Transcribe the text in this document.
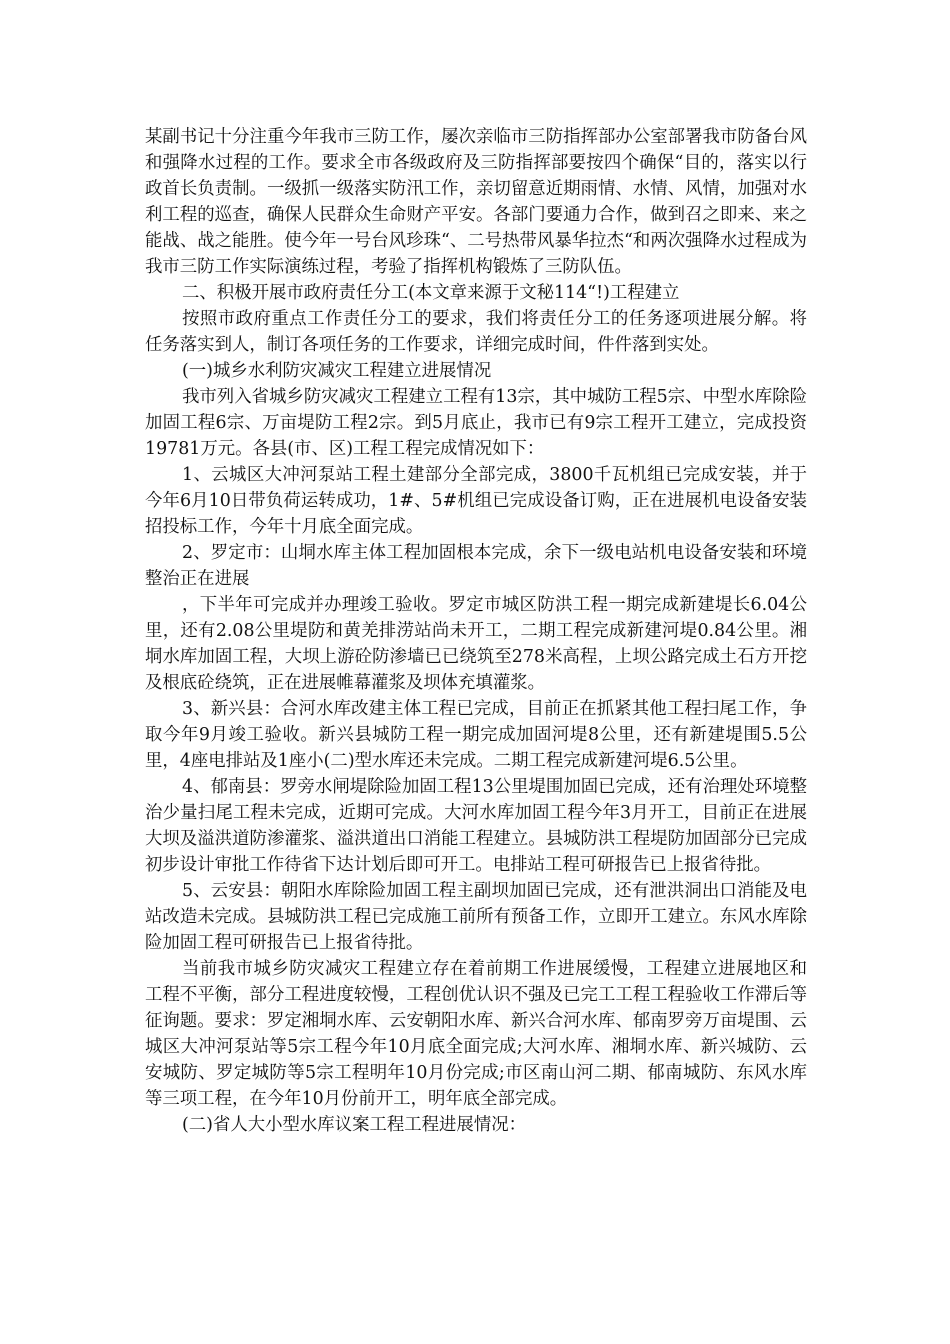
某副书记十分注重今年我市三防工作，屡次亲临市三防指挥部办公室部署我市防备台风和强降水过程的工作。要求全市各级政府及三防指挥部要按四个确保“目的，落实以行政首长负责制。一级抓一级落实防汛工作，亲切留意近期雨情、水情、风情，加强对水利工程的巡查，确保人民群众生命财产平安。各部门要通力合作，做到召之即来、来之能战、战之能胜。使今年一号台风珍珠“、二号热带风暴华拉杰“和两次强降水过程成为我市三防工作实际演练过程，考验了指挥机构锻炼了三防队伍。

二、积极开展市政府责任分工(本文章来源于文秘114“!)工程建立

按照市政府重点工作责任分工的要求，我们将责任分工的任务逐项进展分解。将任务落实到人，制订各项任务的工作要求，详细完成时间，件件落到实处。

(一)城乡水利防灾减灾工程建立进展情况

我市列入省城乡防灾减灾工程建立工程有13宗，其中城防工程5宗、中型水库除险加固工程6宗、万亩堤防工程2宗。到5月底止，我市已有9宗工程开工建立，完成投资19781万元。各县(市、区)工程工程完成情况如下：

1、云城区大冲河泵站工程土建部分全部完成，3800千瓦机组已完成安装，并于今年6月10日带负荷运转成功，1#、5#机组已完成设备订购，正在进展机电设备安装招投标工作，今年十月底全面完成。

2、罗定市：山垌水库主体工程加固根本完成，余下一级电站机电设备安装和环境整治正在进展

，下半年可完成并办理竣工验收。罗定市城区防洪工程一期完成新建堤长6.04公里，还有2.08公里堤防和黄羌排涝站尚未开工，二期工程完成新建河堤0.84公里。湘垌水库加固工程，大坝上游砼防渗墙已已绕筑至278米高程，上坝公路完成土石方开挖及根底砼绕筑，正在进展帷幕灌浆及坝体充填灌浆。

3、新兴县：合河水库改建主体工程已完成，目前正在抓紧其他工程扫尾工作，争取今年9月竣工验收。新兴县城防工程一期完成加固河堤8公里，还有新建堤围5.5公里，4座电排站及1座小(二)型水库还未完成。二期工程完成新建河堤6.5公里。

4、郁南县：罗旁水闸堤除险加固工程13公里堤围加固已完成，还有治理处环境整治少量扫尾工程未完成，近期可完成。大河水库加固工程今年3月开工，目前正在进展大坝及溢洪道防渗灌浆、溢洪道出口消能工程建立。县城防洪工程堤防加固部分已完成初步设计审批工作待省下达计划后即可开工。电排站工程可研报告已上报省待批。

5、云安县：朝阳水库除险加固工程主副坝加固已完成，还有泄洪洞出口消能及电站改造未完成。县城防洪工程已完成施工前所有预备工作，立即开工建立。东风水库除险加固工程可研报告已上报省待批。

当前我市城乡防灾减灾工程建立存在着前期工作进展缓慢，工程建立进展地区和工程不平衡，部分工程进度较慢，工程创优认识不强及已完工工程工程验收工作滞后等征询题。要求：罗定湘垌水库、云安朝阳水库、新兴合河水库、郁南罗旁万亩堤围、云城区大冲河泵站等5宗工程今年10月底全面完成;大河水库、湘垌水库、新兴城防、云安城防、罗定城防等5宗工程明年10月份完成;市区南山河二期、郁南城防、东风水库等三项工程，在今年10月份前开工，明年底全部完成。

(二)省人大小型水库议案工程工程进展情况：
